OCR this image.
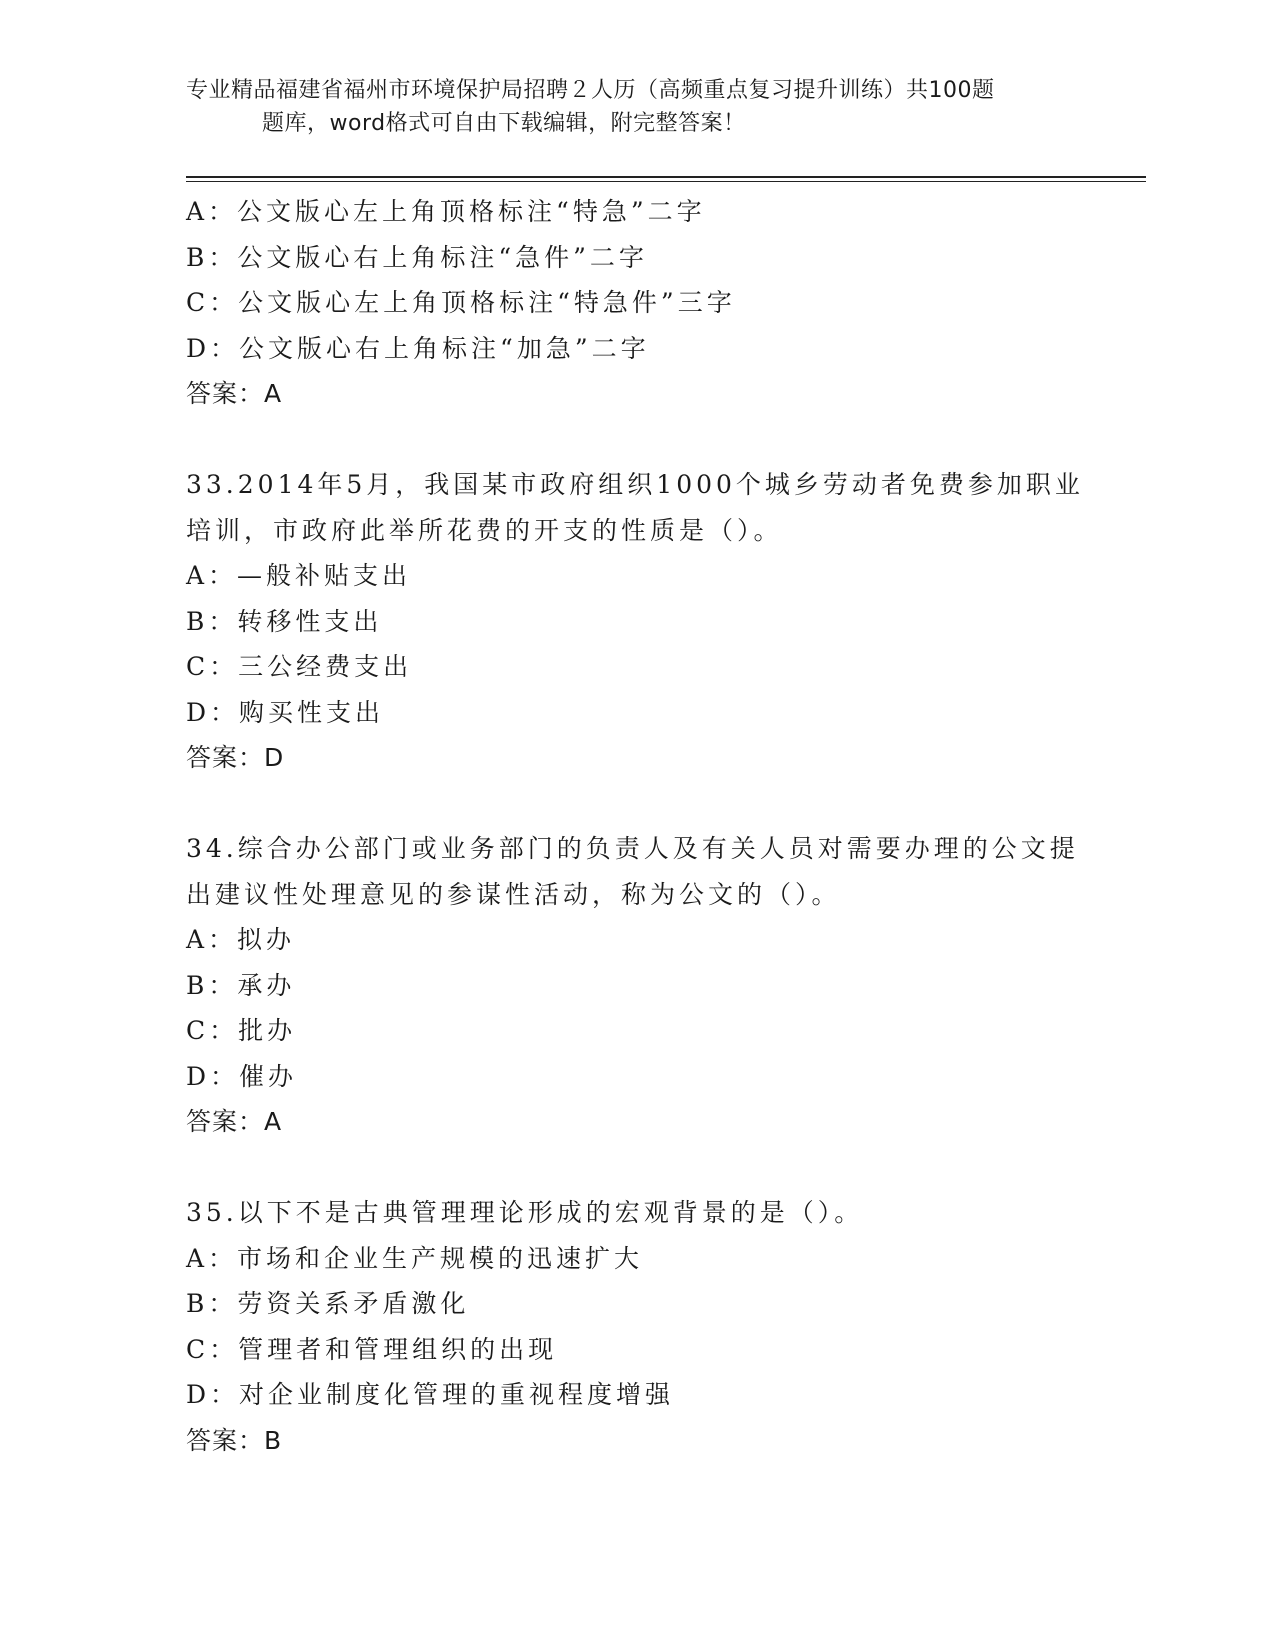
专业精品福建省福州市环境保护局招聘２人历（高频重点复习提升训练）共100题
题库，word格式可自由下载编辑，附完整答案！
A：公文版心左上角顶格标注“特急”二字
B：公文版心右上角标注“急件”二字
C：公文版心左上角顶格标注“特急件”三字
D：公文版心右上角标注“加急”二字
答案：A
33.2014年5月，我国某市政府组织1000个城乡劳动者免费参加职业
培训，市政府此举所花费的开支的性质是（）。
A：—般补贴支出
B：转移性支出
C：三公经费支出
D：购买性支出
答案：D
34.综合办公部门或业务部门的负责人及有关人员对需要办理的公文提
出建议性处理意见的参谋性活动，称为公文的（）。
A：拟办
B：承办
C：批办
D：催办
答案：A
35.以下不是古典管理理论形成的宏观背景的是（）。
A：市场和企业生产规模的迅速扩大
B：劳资关系矛盾激化
C：管理者和管理组织的出现
D：对企业制度化管理的重视程度增强
答案：B
